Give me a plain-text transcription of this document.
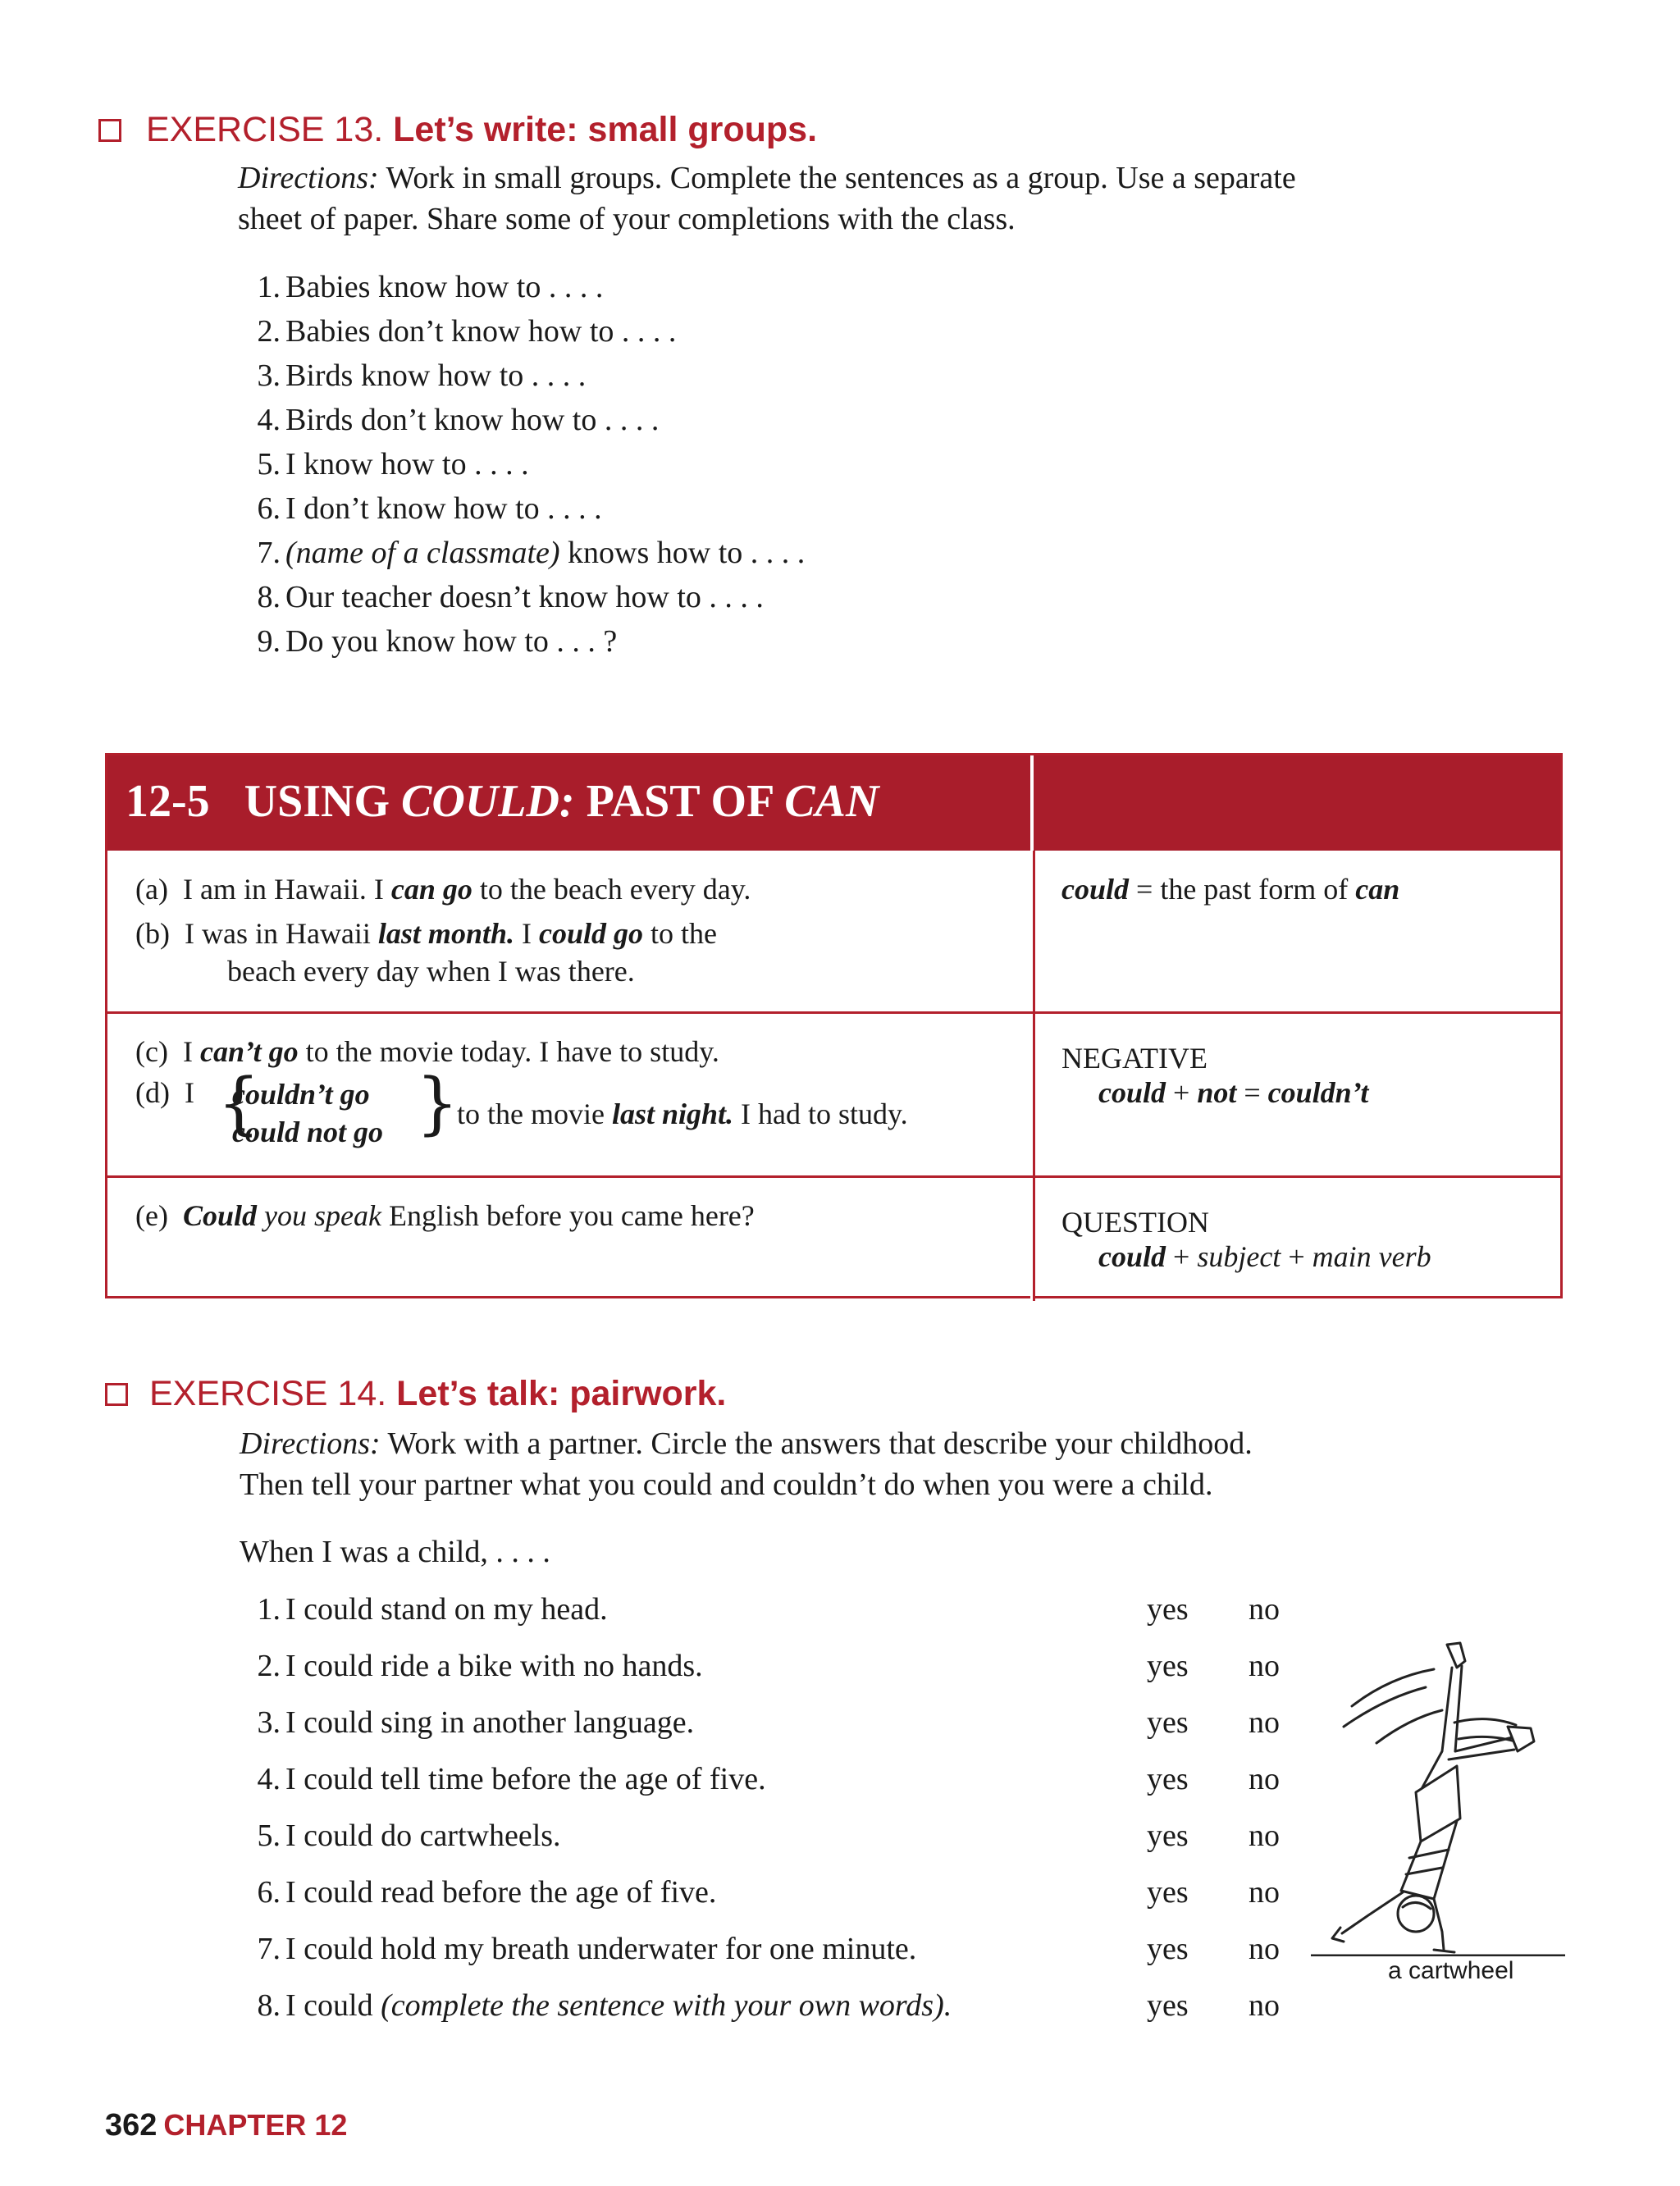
EXERCISE 13. Let’s write: small groups.
Directions: Work in small groups. Complete the sentences as a group. Use a separate
sheet of paper. Share some of your completions with the class.
1. Babies know how to . . . .
2. Babies don’t know how to . . . .
3. Birds know how to . . . .
4. Birds don’t know how to . . . .
5. I know how to . . . .
6. I don’t know how to . . . .
7. (name of a classmate) knows how to . . . .
8. Our teacher doesn’t know how to . . . .
9. Do you know how to . . . ?
12-5 USING COULD: PAST OF CAN
(a) I am in Hawaii. I can go to the beach every day.
(b) I was in Hawaii last month. I could go to the
beach every day when I was there.
could = the past form of can
(c) I can’t go to the movie today. I have to study.
(d) I {
couldn’t go
could not go }
to the movie last night. I had to study.
NEGATIVE
could + not = couldn’t
(e) Could you speak English before you came here?	QUESTION
could + subject + main verb
EXERCISE 14. Let’s talk: pairwork.
Directions: Work with a partner. Circle the answers that describe your childhood.
Then tell your partner what you could and couldn’t do when you were a child.
When I was a child, . . . .
1. I could stand on my head.
2. I could ride a bike with no hands.
3. I could sing in another language.
4. I could tell time before the age of five.
5. I could do cartwheels.
6. I could read before the age of five.
7. I could hold my breath underwater for one minute.
8. I could (complete the sentence with your own words).
yes no
yes no
yes no
yes no
yes no
yes no
yes no
yes no
a cartwheel
362 CHAPTER 12
